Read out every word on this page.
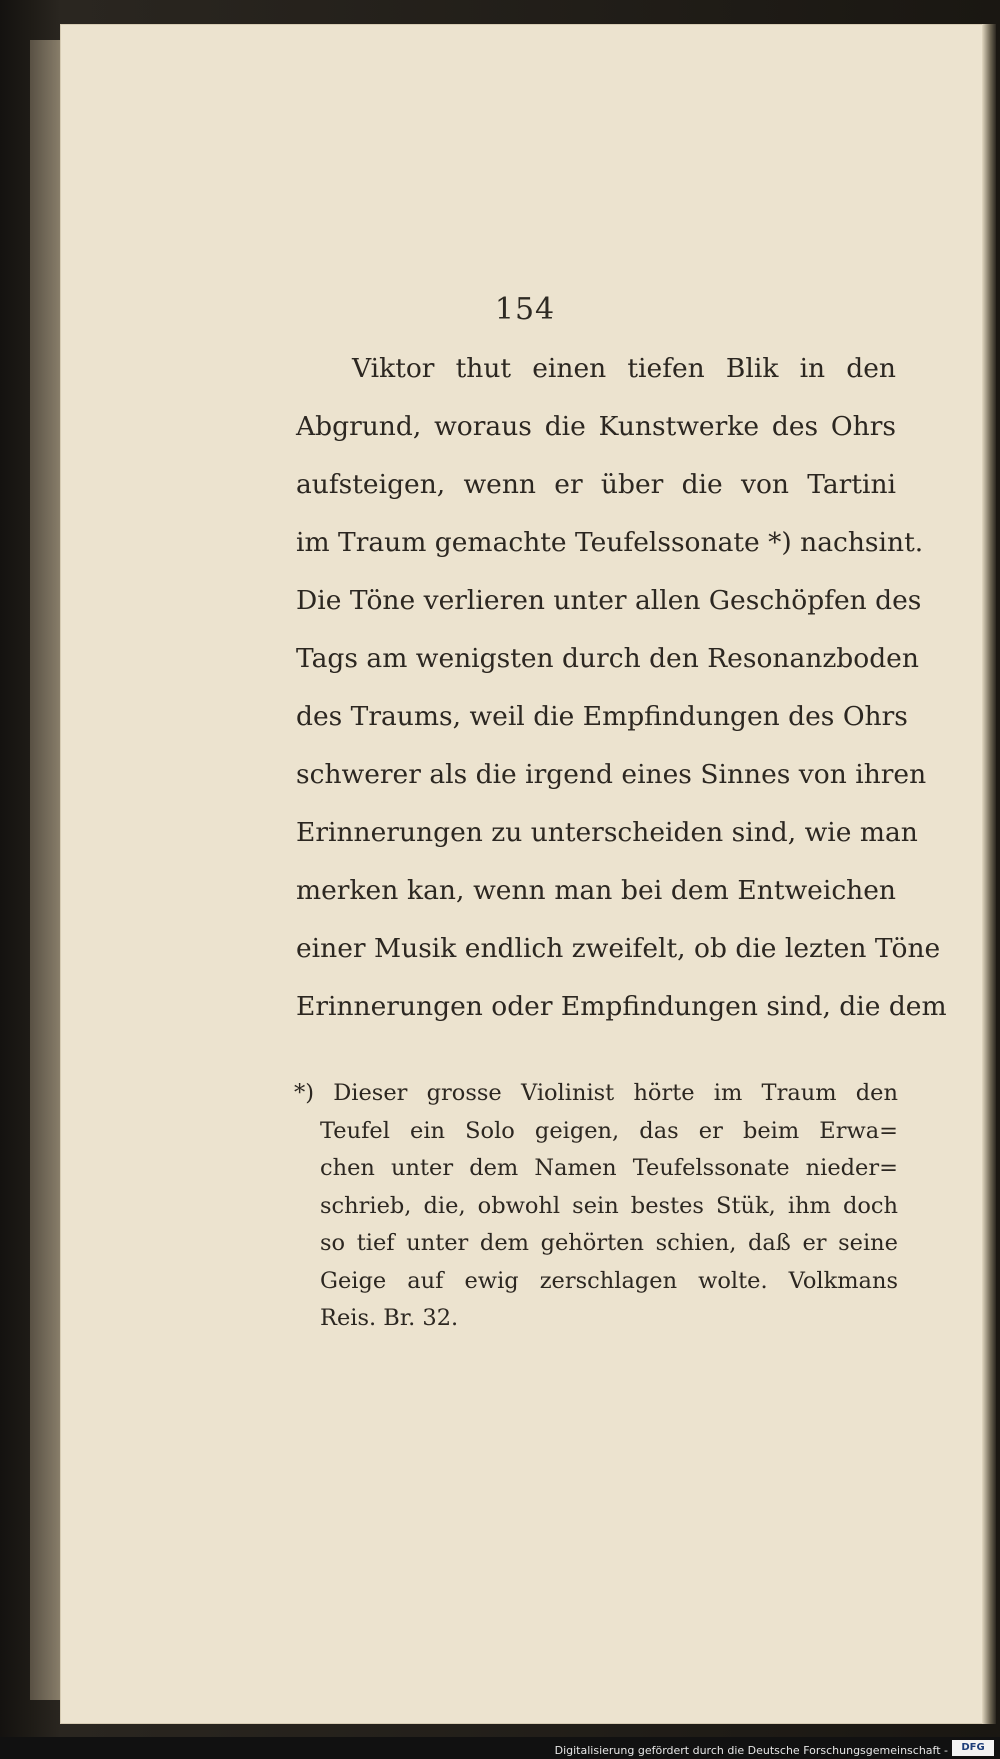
154
Viktor thut einen tiefen Blik in den
Abgrund, woraus die Kunstwerke des Ohrs
aufsteigen, wenn er über die von Tartini
im Traum gemachte Teufelssonate *) nachsint.
Die Töne verlieren unter allen Geschöpfen des
Tags am wenigsten durch den Resonanzboden
des Traums, weil die Empfindungen des Ohrs
schwerer als die irgend eines Sinnes von ihren
Erinnerungen zu unterscheiden sind, wie man
merken kan, wenn man bei dem Entweichen
einer Musik endlich zweifelt, ob die lezten Töne
Erinnerungen oder Empfindungen sind, die dem
*) Dieser grosse Violinist hörte im Traum den
Teufel ein Solo geigen, das er beim Erwa=
chen unter dem Namen Teufelssonate nieder=
schrieb, die, obwohl sein bestes Stük, ihm doch
so tief unter dem gehörten schien, daß er seine
Geige auf ewig zerschlagen wolte. Volkmans
Reis. Br. 32.
Digitalisierung gefördert durch die Deutsche Forschungsgemeinschaft -	DFG
